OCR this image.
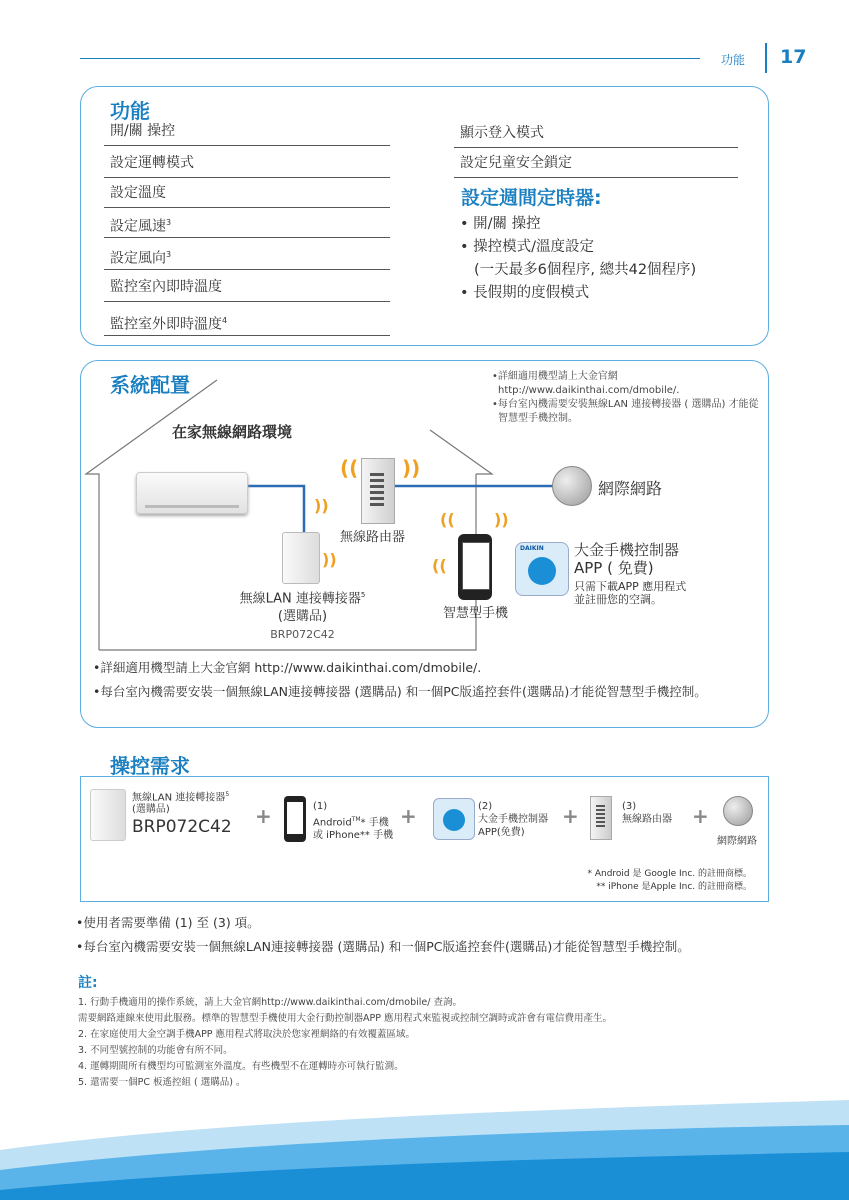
功能 17
功能
開/關 操控
設定運轉模式
設定溫度
設定風速$^3$
設定風向$^3$
監控室內即時溫度
監控室外即時溫度$^4$
顯示登入模式
設定兒童安全鎖定
設定週間定時器:
• 開/關 操控
• 操控模式/溫度設定
(一天最多6個程序, 總共42個程序)
• 長假期的度假模式
系統配置	•詳細適用機型請上大金官網
http://www.daikinthai.com/dmobile/.
•每台室內機需要安裝無線LAN 連接轉接器 ( 選購品) 才能從
智慧型手機控制。
在家無線網路環境
(( ))
無線路由器
網際網路
))
))
無線LAN 連接轉接器$^5$
(選購品)
BRP072C42
(( ))
((
智慧型手機
DAIKIN 大金手機控制器
APP ( 免費)
只需下載APP 應用程式
並註冊您的空調。
•詳細適用機型請上大金官網 http://www.daikinthai.com/dmobile/.
•每台室內機需要安裝一個無線LAN連接轉接器 (選購品) 和一個PC版遙控套件(選購品)才能從智慧型手機控制。
操控需求
無線LAN 連接轉接器$^5$
(選購品)
BRP072C42 +	(1)
Android™* 手機
或 iPhone** 手機
+	(2)
大金手機控制器
APP(免費)
+	(3)
無線路由器 +
網際網路
* Android 是 Google Inc. 的註冊商標。
** iPhone 是Apple Inc. 的註冊商標。
•使用者需要準備 (1) 至 (3) 項。
•每台室內機需要安裝一個無線LAN連接轉接器 (選購品) 和一個PC版遙控套件(選購品)才能從智慧型手機控制。
註:
1. 行動手機適用的操作系統，請上大金官網http://www.daikinthai.com/dmobile/ 查詢。
需要網路連線來使用此服務。標準的智慧型手機使用大金行動控制器APP 應用程式來監視或控制空調時或許會有電信費用產生。
2. 在家庭使用大金空調手機APP 應用程式將取決於您家裡網絡的有效覆蓋區域。
3. 不同型號控制的功能會有所不同。
4. 運轉期間所有機型均可監測室外溫度。有些機型不在運轉時亦可執行監測。
5. 還需要一個PC 板遙控組 ( 選購品) 。
